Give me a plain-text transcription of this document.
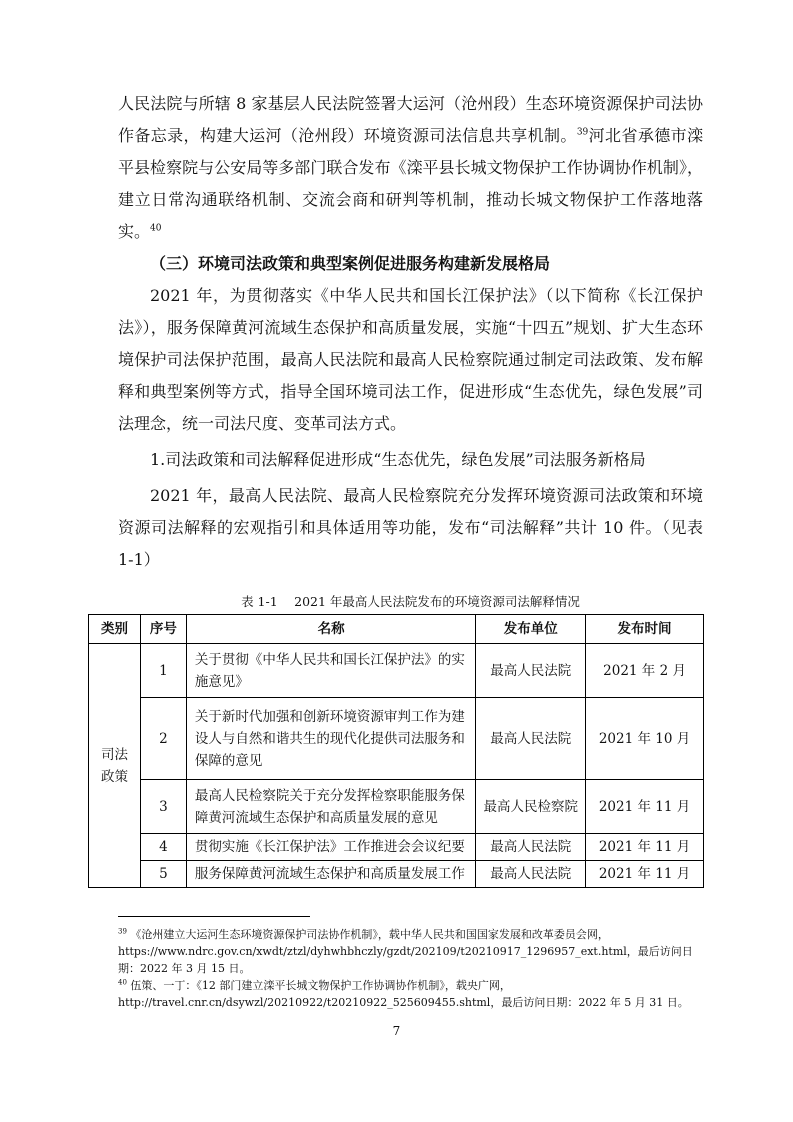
人民法院与所辖 8 家基层人民法院签署大运河（沧州段）生态环境资源保护司法协作备忘录，构建大运河（沧州段）环境资源司法信息共享机制。$^{39}$河北省承德市滦平县检察院与公安局等多部门联合发布《滦平县长城文物保护工作协调协作机制》，建立日常沟通联络机制、交流会商和研判等机制，推动长城文物保护工作落地落实。$^{40}$

（三）环境司法政策和典型案例促进服务构建新发展格局

2021 年，为贯彻落实《中华人民共和国长江保护法》（以下简称《长江保护法》），服务保障黄河流域生态保护和高质量发展，实施“十四五”规划、扩大生态环境保护司法保护范围，最高人民法院和最高人民检察院通过制定司法政策、发布解释和典型案例等方式，指导全国环境司法工作，促进形成“生态优先，绿色发展”司法理念，统一司法尺度、变革司法方式。

1.司法政策和司法解释促进形成“生态优先，绿色发展”司法服务新格局

2021 年，最高人民法院、最高人民检察院充分发挥环境资源司法政策和环境资源司法解释的宏观指引和具体适用等功能，发布“司法解释”共计 10 件。（见表 1-1）

表 1-1　 2021 年最高人民法院发布的环境资源司法解释情况
类别	序号	名称	发布单位	发布时间
司法
政策	1	关于贯彻《中华人民共和国长江保护法》的实施意见》	最高人民法院	2021 年 2 月
	2	关于新时代加强和创新环境资源审判工作为建设人与自然和谐共生的现代化提供司法服务和保障的意见	最高人民法院	2021 年 10 月
	3	最高人民检察院关于充分发挥检察职能服务保障黄河流域生态保护和高质量发展的意见	最高人民检察院	2021 年 11 月
	4	贯彻实施《长江保护法》工作推进会会议纪要	最高人民法院	2021 年 11 月
	5	服务保障黄河流域生态保护和高质量发展工作	最高人民法院	2021 年 11 月

$^{39}$ 《沧州建立大运河生态环境资源保护司法协作机制》，载中华人民共和国国家发展和改革委员会网，https://www.ndrc.gov.cn/xwdt/ztzl/dyhwhbhczly/gzdt/202109/t20210917_1296957_ext.html，最后访问日期：2022 年 3 月 15 日。

$^{40}$ 伍策、一丁：《12 部门建立滦平长城文物保护工作协调协作机制》，载央广网，http://travel.cnr.cn/dsywzl/20210922/t20210922_525609455.shtml，最后访问日期：2022 年 5 月 31 日。

7
